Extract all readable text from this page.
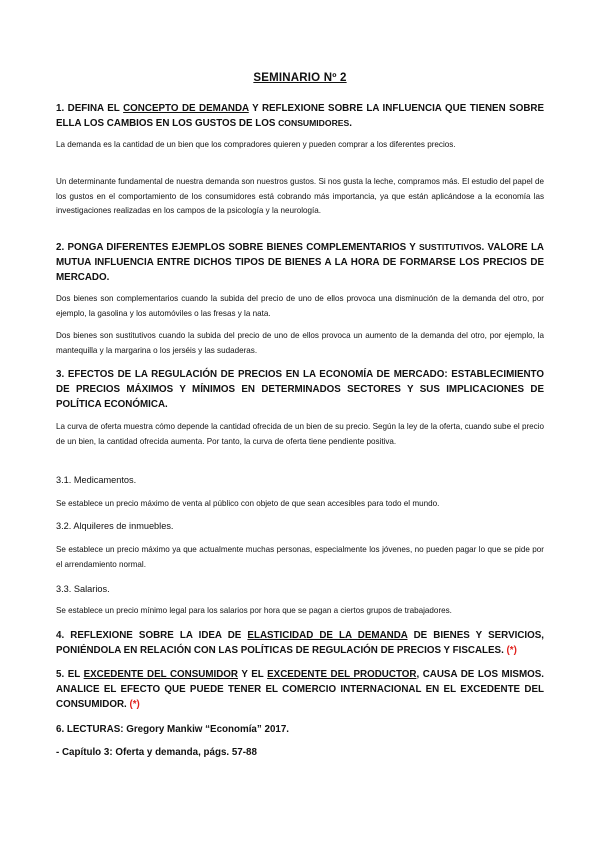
SEMINARIO Nº 2
1. DEFINA EL CONCEPTO DE DEMANDA Y REFLEXIONE SOBRE LA INFLUENCIA QUE TIENEN SOBRE ELLA LOS CAMBIOS EN LOS GUSTOS DE LOS CONSUMIDORES.
La demanda es la cantidad de un bien que los compradores quieren y pueden comprar a los diferentes precios.
Un determinante fundamental de nuestra demanda son nuestros gustos. Si nos gusta la leche, compramos más. El estudio del papel de los gustos en el comportamiento de los consumidores está cobrando más importancia, ya que están aplicándose a la economía las investigaciones realizadas en los campos de la psicología y la neurología.
2. PONGA DIFERENTES EJEMPLOS SOBRE BIENES COMPLEMENTARIOS Y SUSTITUTIVOS. VALORE LA MUTUA INFLUENCIA ENTRE DICHOS TIPOS DE BIENES A LA HORA DE FORMARSE LOS PRECIOS DE MERCADO.
Dos bienes son complementarios cuando la subida del precio de uno de ellos provoca una disminución de la demanda del otro, por ejemplo, la gasolina y los automóviles o las fresas y la nata.
Dos bienes son sustitutivos cuando la subida del precio de uno de ellos provoca un aumento de la demanda del otro, por ejemplo, la mantequilla y la margarina o los jerséis y las sudaderas.
3. EFECTOS DE LA REGULACIÓN DE PRECIOS EN LA ECONOMÍA DE MERCADO: ESTABLECIMIENTO DE PRECIOS MÁXIMOS Y MÍNIMOS EN DETERMINADOS SECTORES Y SUS IMPLICACIONES DE POLÍTICA ECONÓMICA.
La curva de oferta muestra cómo depende la cantidad ofrecida de un bien de su precio. Según la ley de la oferta, cuando sube el precio de un bien, la cantidad ofrecida aumenta. Por tanto, la curva de oferta tiene pendiente positiva.
3.1. Medicamentos.
Se establece un precio máximo de venta al público con objeto de que sean accesibles para todo el mundo.
3.2. Alquileres de inmuebles.
Se establece un precio máximo ya que actualmente muchas personas, especialmente los jóvenes, no pueden pagar lo que se pide por el arrendamiento normal.
3.3. Salarios.
Se establece un precio mínimo legal para los salarios por hora que se pagan a ciertos grupos de trabajadores.
4. REFLEXIONE SOBRE LA IDEA DE ELASTICIDAD DE LA DEMANDA DE BIENES Y SERVICIOS, PONIÉNDOLA EN RELACIÓN CON LAS POLÍTICAS DE REGULACIÓN DE PRECIOS Y FISCALES. (*)
5. EL EXCEDENTE DEL CONSUMIDOR Y EL EXCEDENTE DEL PRODUCTOR, CAUSA DE LOS MISMOS. ANALICE EL EFECTO QUE PUEDE TENER EL COMERCIO INTERNACIONAL EN EL EXCEDENTE DEL CONSUMIDOR. (*)
6. LECTURAS: Gregory Mankiw “Economía” 2017.
- Capítulo 3: Oferta y demanda, págs. 57-88
